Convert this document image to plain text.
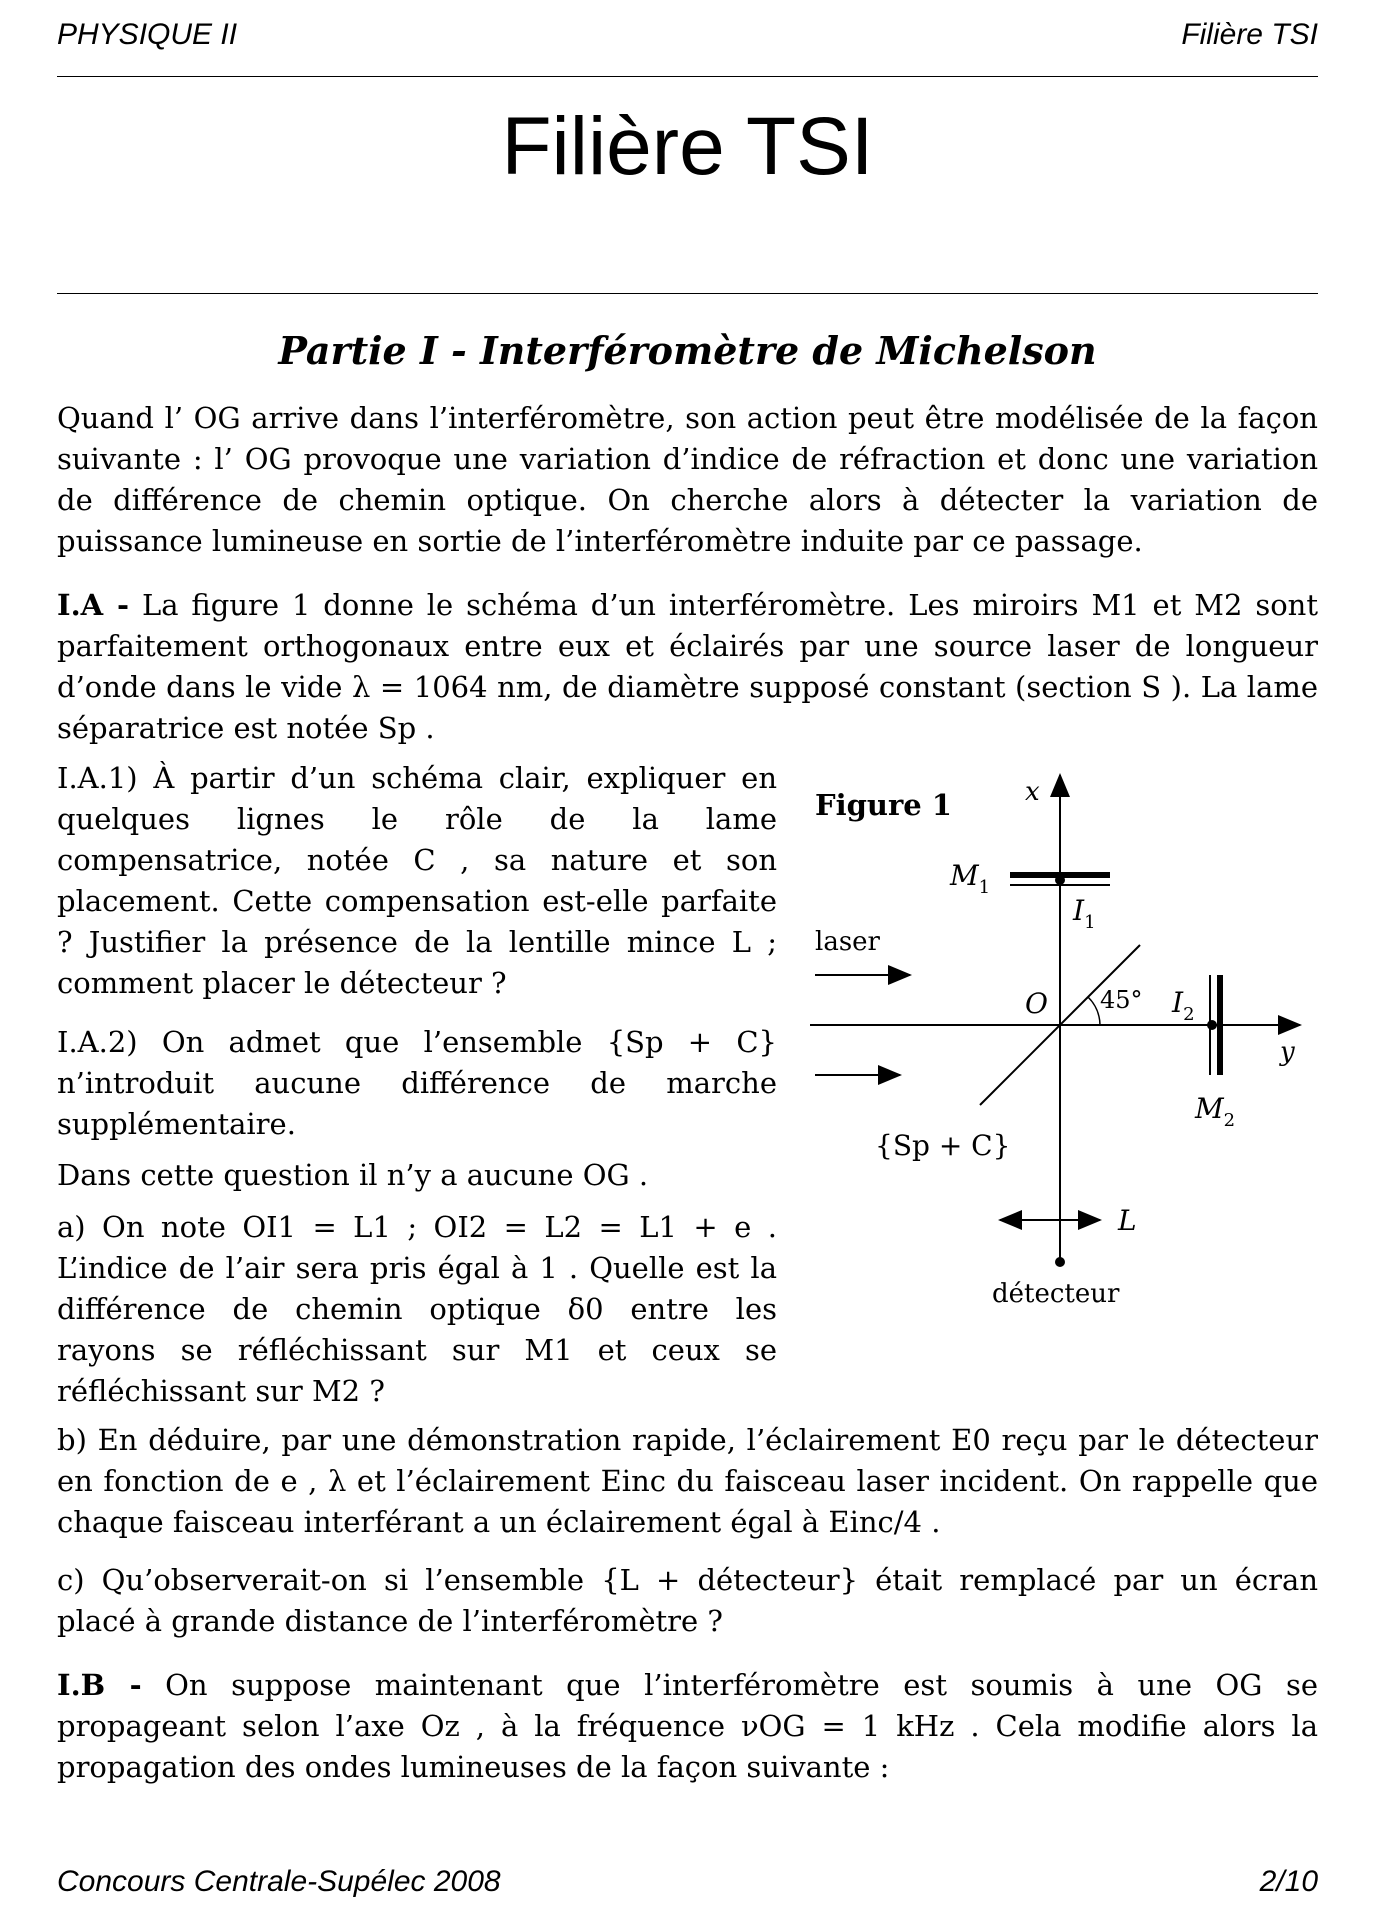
PHYSIQUE II	Filière TSI
Filière TSI
Partie I - Interféromètre de Michelson
Quand l’ OG arrive dans l’interféromètre, son action peut être modélisée de la façon suivante : l’ OG provoque une variation d’indice de réfraction et donc une variation de différence de chemin optique. On cherche alors à détecter la variation de puissance lumineuse en sortie de l’interféromètre induite par ce passage.
I.A - La figure 1 donne le schéma d’un interféromètre. Les miroirs M1 et M2 sont parfaitement orthogonaux entre eux et éclairés par une source laser de longueur d’onde dans le vide λ = 1064 nm, de diamètre supposé constant (section S ). La lame séparatrice est notée Sp .
I.A.1) À partir d’un schéma clair, expliquer en quelques lignes le rôle de la lame compensatrice, notée C , sa nature et son placement. Cette compensation est-elle parfaite ? Justifier la présence de la lentille mince L ; comment placer le détecteur ?
I.A.2) On admet que l’ensemble {Sp + C} n’introduit aucune différence de marche supplémentaire.
Dans cette question il n’y a aucune OG .
a) On note OI1 = L1 ; OI2 = L2 = L1 + e . L’indice de l’air sera pris égal à 1 . Quelle est la différence de chemin optique δ0 entre les rayons se réfléchissant sur M1 et ceux se réfléchissant sur M2 ?
b) En déduire, par une démonstration rapide, l’éclairement E0 reçu par le détecteur en fonction de e , λ et l’éclairement Einc du faisceau laser incident. On rappelle que chaque faisceau interférant a un éclairement égal à Einc/4 .
c) Qu’observerait-on si l’ensemble {L + détecteur} était remplacé par un écran placé à grande distance de l’interféromètre ?
I.B - On suppose maintenant que l’interféromètre est soumis à une OG se propageant selon l’axe Oz , à la fréquence νOG = 1 kHz . Cela modifie alors la propagation des ondes lumineuses de la façon suivante :
Figure 1	x
y
$M_1$
$I_1$
$I_2$
$M_2$
45°
O
laser
{Sp + C}
L
détecteur
Concours Centrale-Supélec 2008	2/10
